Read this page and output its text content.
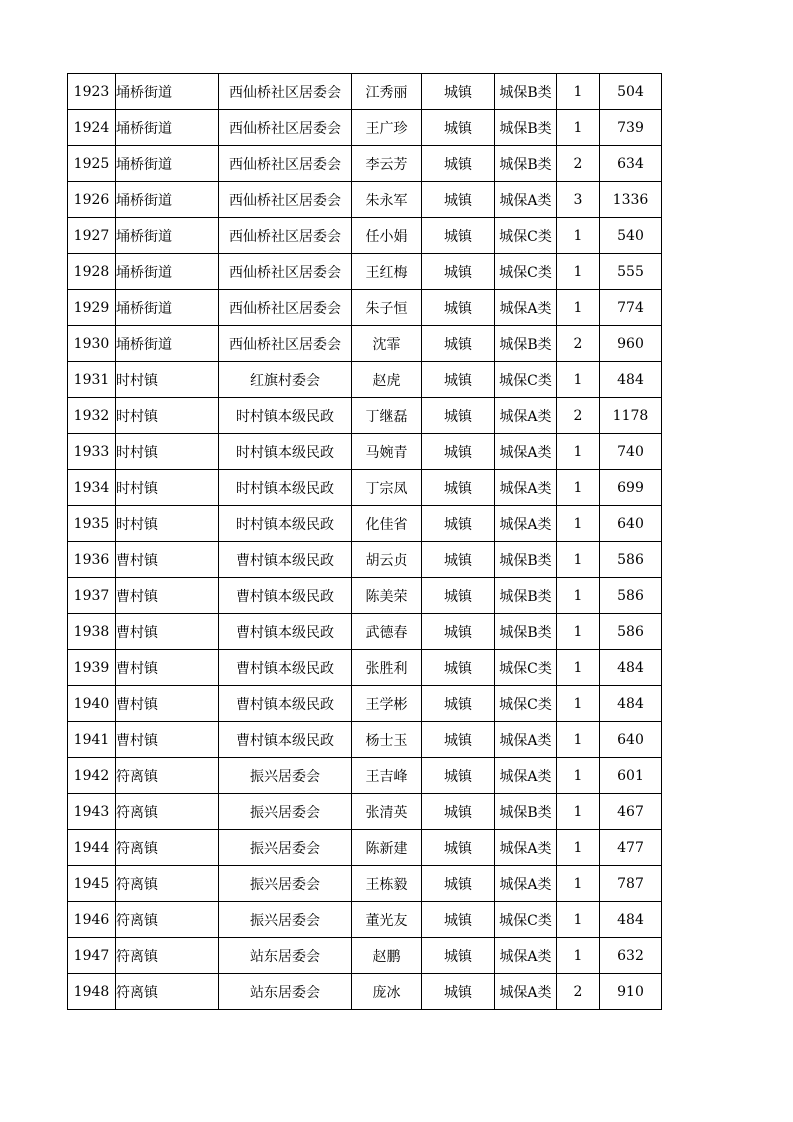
1923	埇桥街道	西仙桥社区居委会	江秀丽	城镇	城保B类	1	504
1924	埇桥街道	西仙桥社区居委会	王广珍	城镇	城保B类	1	739
1925	埇桥街道	西仙桥社区居委会	李云芳	城镇	城保B类	2	634
1926	埇桥街道	西仙桥社区居委会	朱永军	城镇	城保A类	3	1336
1927	埇桥街道	西仙桥社区居委会	任小娟	城镇	城保C类	1	540
1928	埇桥街道	西仙桥社区居委会	王红梅	城镇	城保C类	1	555
1929	埇桥街道	西仙桥社区居委会	朱子恒	城镇	城保A类	1	774
1930	埇桥街道	西仙桥社区居委会	沈霏	城镇	城保B类	2	960
1931	时村镇	红旗村委会	赵虎	城镇	城保C类	1	484
1932	时村镇	时村镇本级民政	丁继磊	城镇	城保A类	2	1178
1933	时村镇	时村镇本级民政	马婉青	城镇	城保A类	1	740
1934	时村镇	时村镇本级民政	丁宗凤	城镇	城保A类	1	699
1935	时村镇	时村镇本级民政	化佳省	城镇	城保A类	1	640
1936	曹村镇	曹村镇本级民政	胡云贞	城镇	城保B类	1	586
1937	曹村镇	曹村镇本级民政	陈美荣	城镇	城保B类	1	586
1938	曹村镇	曹村镇本级民政	武德春	城镇	城保B类	1	586
1939	曹村镇	曹村镇本级民政	张胜利	城镇	城保C类	1	484
1940	曹村镇	曹村镇本级民政	王学彬	城镇	城保C类	1	484
1941	曹村镇	曹村镇本级民政	杨士玉	城镇	城保A类	1	640
1942	符离镇	振兴居委会	王吉峰	城镇	城保A类	1	601
1943	符离镇	振兴居委会	张清英	城镇	城保B类	1	467
1944	符离镇	振兴居委会	陈新建	城镇	城保A类	1	477
1945	符离镇	振兴居委会	王栋毅	城镇	城保A类	1	787
1946	符离镇	振兴居委会	董光友	城镇	城保C类	1	484
1947	符离镇	站东居委会	赵鹏	城镇	城保A类	1	632
1948	符离镇	站东居委会	庞冰	城镇	城保A类	2	910
